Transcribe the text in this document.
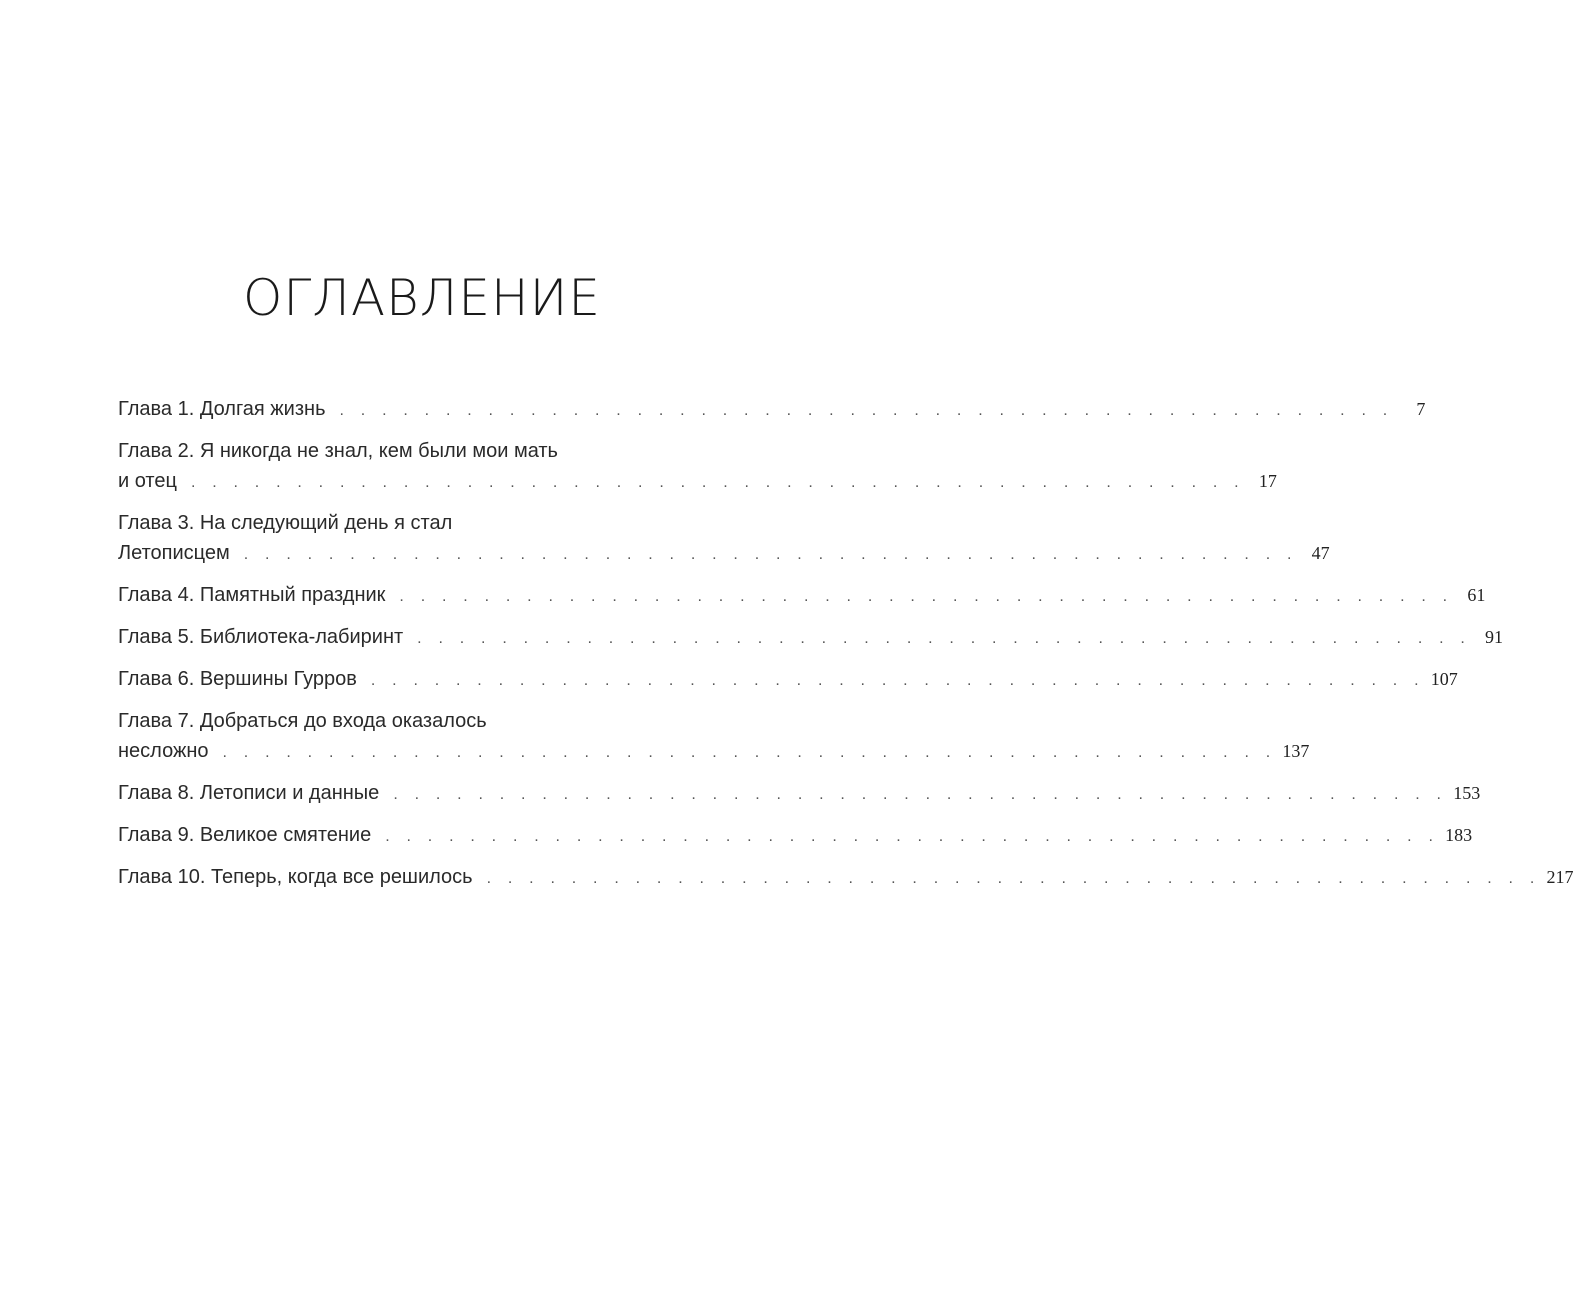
ОГЛАВЛЕНИЕ
Глава 1. Долгая жизнь . . . . . . . . . . . . . . . . . . . . . . . . . . . . . . . . . . . . . . . . . . . . . . . . . .	7
Глава 2. Я никогда не знал, кем были мои мать
и отец . . . . . . . . . . . . . . . . . . . . . . . . . . . . . . . . . . . . . . . . . . . . . . . . . . 17
Глава 3. На следующий день я стал
Летописцем . . . . . . . . . . . . . . . . . . . . . . . . . . . . . . . . . . . . . . . . . . . . . . . . . . 47
Глава 4. Памятный праздник . . . . . . . . . . . . . . . . . . . . . . . . . . . . . . . . . . . . . . . . . . . . . . . . . . 61
Глава 5. Библиотека-лабиринт . . . . . . . . . . . . . . . . . . . . . . . . . . . . . . . . . . . . . . . . . . . . . . . . . . 91
Глава 6. Вершины Гурров . . . . . . . . . . . . . . . . . . . . . . . . . . . . . . . . . . . . . . . . . . . . . . . . . . 107
Глава 7. Добраться до входа оказалось
несложно . . . . . . . . . . . . . . . . . . . . . . . . . . . . . . . . . . . . . . . . . . . . . . . . . . 137
Глава 8. Летописи и данные . . . . . . . . . . . . . . . . . . . . . . . . . . . . . . . . . . . . . . . . . . . . . . . . . . 153
Глава 9. Великое смятение . . . . . . . . . . . . . . . . . . . . . . . . . . . . . . . . . . . . . . . . . . . . . . . . . . 183
Глава 10. Теперь, когда все решилось . . . . . . . . . . . . . . . . . . . . . . . . . . . . . . . . . . . . . . . . . . . . . . . . . . 217
